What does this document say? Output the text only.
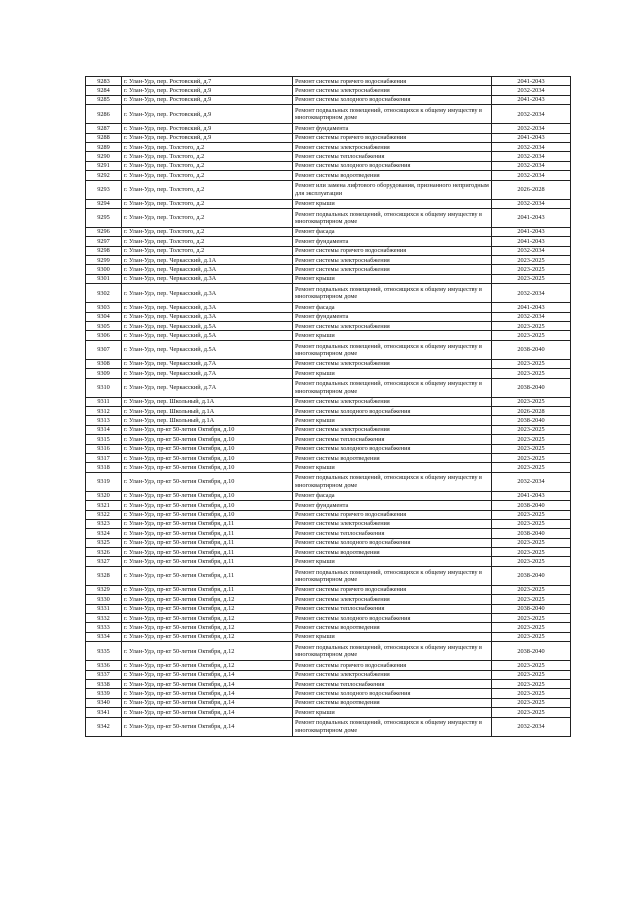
9283	г. Улан-Удэ, пер. Ростовский, д.7	Ремонт системы горячего водоснабжения	2041-2043
9284	г. Улан-Удэ, пер. Ростовский, д.9	Ремонт системы электроснабжения	2032-2034
9285	г. Улан-Удэ, пер. Ростовский, д.9	Ремонт системы холодного водоснабжения	2041-2043
9286	г. Улан-Удэ, пер. Ростовский, д.9	Ремонт подвальных помещений, относящихся к общему имуществу в многоквартирном доме	2032-2034
9287	г. Улан-Удэ, пер. Ростовский, д.9	Ремонт фундамента	2032-2034
9288	г. Улан-Удэ, пер. Ростовский, д.9	Ремонт системы горячего водоснабжения	2041-2043
9289	г. Улан-Удэ, пер. Толстого, д.2	Ремонт системы электроснабжения	2032-2034
9290	г. Улан-Удэ, пер. Толстого, д.2	Ремонт системы теплоснабжения	2032-2034
9291	г. Улан-Удэ, пер. Толстого, д.2	Ремонт системы холодного водоснабжения	2032-2034
9292	г. Улан-Удэ, пер. Толстого, д.2	Ремонт системы водоотведения	2032-2034
9293	г. Улан-Удэ, пер. Толстого, д.2	Ремонт или замена лифтового оборудования, признанного непригодным для эксплуатации	2026-2028
9294	г. Улан-Удэ, пер. Толстого, д.2	Ремонт крыши	2032-2034
9295	г. Улан-Удэ, пер. Толстого, д.2	Ремонт подвальных помещений, относящихся к общему имуществу в многоквартирном доме	2041-2043
9296	г. Улан-Удэ, пер. Толстого, д.2	Ремонт фасада	2041-2043
9297	г. Улан-Удэ, пер. Толстого, д.2	Ремонт фундамента	2041-2043
9298	г. Улан-Удэ, пер. Толстого, д.2	Ремонт системы горячего водоснабжения	2032-2034
9299	г. Улан-Удэ, пер. Черкасский, д.1А	Ремонт системы электроснабжения	2023-2025
9300	г. Улан-Удэ, пер. Черкасский, д.3А	Ремонт системы электроснабжения	2023-2025
9301	г. Улан-Удэ, пер. Черкасский, д.3А	Ремонт крыши	2023-2025
9302	г. Улан-Удэ, пер. Черкасский, д.3А	Ремонт подвальных помещений, относящихся к общему имуществу в многоквартирном доме	2032-2034
9303	г. Улан-Удэ, пер. Черкасский, д.3А	Ремонт фасада	2041-2043
9304	г. Улан-Удэ, пер. Черкасский, д.3А	Ремонт фундамента	2032-2034
9305	г. Улан-Удэ, пер. Черкасский, д.5А	Ремонт системы электроснабжения	2023-2025
9306	г. Улан-Удэ, пер. Черкасский, д.5А	Ремонт крыши	2023-2025
9307	г. Улан-Удэ, пер. Черкасский, д.5А	Ремонт подвальных помещений, относящихся к общему имуществу в многоквартирном доме	2038-2040
9308	г. Улан-Удэ, пер. Черкасский, д.7А	Ремонт системы электроснабжения	2023-2025
9309	г. Улан-Удэ, пер. Черкасский, д.7А	Ремонт крыши	2023-2025
9310	г. Улан-Удэ, пер. Черкасский, д.7А	Ремонт подвальных помещений, относящихся к общему имуществу в многоквартирном доме	2038-2040
9311	г. Улан-Удэ, пер. Школьный, д.1А	Ремонт системы электроснабжения	2023-2025
9312	г. Улан-Удэ, пер. Школьный, д.1А	Ремонт системы холодного водоснабжения	2026-2028
9313	г. Улан-Удэ, пер. Школьный, д.1А	Ремонт крыши	2038-2040
9314	г. Улан-Удэ, пр-кт 50-летия Октября, д.10	Ремонт системы электроснабжения	2023-2025
9315	г. Улан-Удэ, пр-кт 50-летия Октября, д.10	Ремонт системы теплоснабжения	2023-2025
9316	г. Улан-Удэ, пр-кт 50-летия Октября, д.10	Ремонт системы холодного водоснабжения	2023-2025
9317	г. Улан-Удэ, пр-кт 50-летия Октября, д.10	Ремонт системы водоотведения	2023-2025
9318	г. Улан-Удэ, пр-кт 50-летия Октября, д.10	Ремонт крыши	2023-2025
9319	г. Улан-Удэ, пр-кт 50-летия Октября, д.10	Ремонт подвальных помещений, относящихся к общему имуществу в многоквартирном доме	2032-2034
9320	г. Улан-Удэ, пр-кт 50-летия Октября, д.10	Ремонт фасада	2041-2043
9321	г. Улан-Удэ, пр-кт 50-летия Октября, д.10	Ремонт фундамента	2038-2040
9322	г. Улан-Удэ, пр-кт 50-летия Октября, д.10	Ремонт системы горячего водоснабжения	2023-2025
9323	г. Улан-Удэ, пр-кт 50-летия Октября, д.11	Ремонт системы электроснабжения	2023-2025
9324	г. Улан-Удэ, пр-кт 50-летия Октября, д.11	Ремонт системы теплоснабжения	2038-2040
9325	г. Улан-Удэ, пр-кт 50-летия Октября, д.11	Ремонт системы холодного водоснабжения	2023-2025
9326	г. Улан-Удэ, пр-кт 50-летия Октября, д.11	Ремонт системы водоотведения	2023-2025
9327	г. Улан-Удэ, пр-кт 50-летия Октября, д.11	Ремонт крыши	2023-2025
9328	г. Улан-Удэ, пр-кт 50-летия Октября, д.11	Ремонт подвальных помещений, относящихся к общему имуществу в многоквартирном доме	2038-2040
9329	г. Улан-Удэ, пр-кт 50-летия Октября, д.11	Ремонт системы горячего водоснабжения	2023-2025
9330	г. Улан-Удэ, пр-кт 50-летия Октября, д.12	Ремонт системы электроснабжения	2023-2025
9331	г. Улан-Удэ, пр-кт 50-летия Октября, д.12	Ремонт системы теплоснабжения	2038-2040
9332	г. Улан-Удэ, пр-кт 50-летия Октября, д.12	Ремонт системы холодного водоснабжения	2023-2025
9333	г. Улан-Удэ, пр-кт 50-летия Октября, д.12	Ремонт системы водоотведения	2023-2025
9334	г. Улан-Удэ, пр-кт 50-летия Октября, д.12	Ремонт крыши	2023-2025
9335	г. Улан-Удэ, пр-кт 50-летия Октября, д.12	Ремонт подвальных помещений, относящихся к общему имуществу в многоквартирном доме	2038-2040
9336	г. Улан-Удэ, пр-кт 50-летия Октября, д.12	Ремонт системы горячего водоснабжения	2023-2025
9337	г. Улан-Удэ, пр-кт 50-летия Октября, д.14	Ремонт системы электроснабжения	2023-2025
9338	г. Улан-Удэ, пр-кт 50-летия Октября, д.14	Ремонт системы теплоснабжения	2023-2025
9339	г. Улан-Удэ, пр-кт 50-летия Октября, д.14	Ремонт системы холодного водоснабжения	2023-2025
9340	г. Улан-Удэ, пр-кт 50-летия Октября, д.14	Ремонт системы водоотведения	2023-2025
9341	г. Улан-Удэ, пр-кт 50-летия Октября, д.14	Ремонт крыши	2023-2025
9342	г. Улан-Удэ, пр-кт 50-летия Октября, д.14	Ремонт подвальных помещений, относящихся к общему имуществу в многоквартирном доме	2032-2034
